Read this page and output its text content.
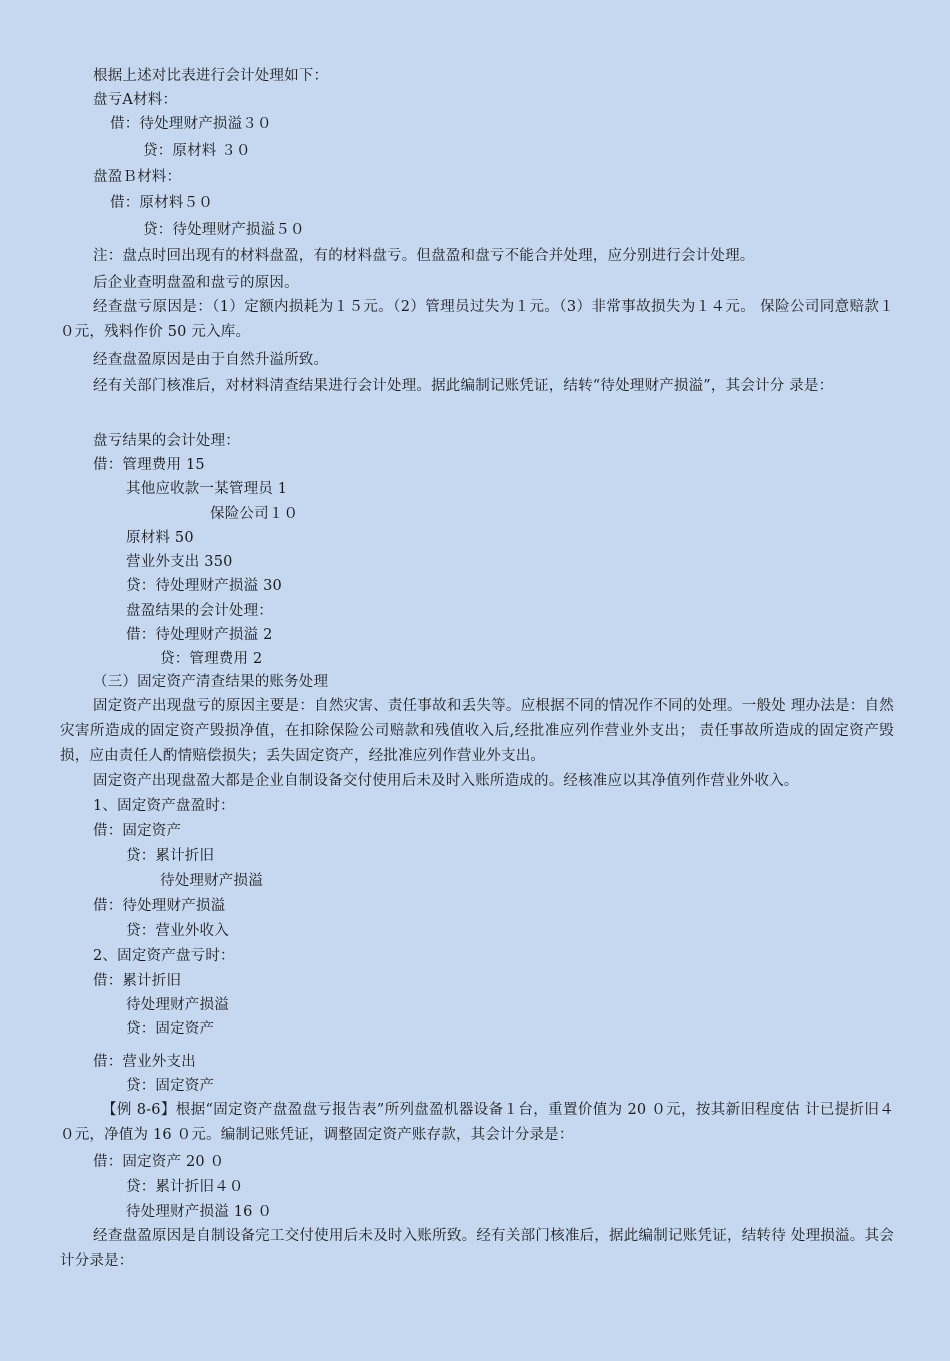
根据上述对比表进行会计处理如下：
盘亏A材料：
借：待处理财产损溢３０
贷：原材料 ３０
盘盈Ｂ材料：
借：原材料５０
贷：待处理财产损溢５０
注：盘点时回出现有的材料盘盈，有的材料盘亏。但盘盈和盘亏不能合并处理，应分别进行会计处理。
后企业查明盘盈和盘亏的原因。
经查盘亏原因是：（1）定额内损耗为１５元。（2）管理员过失为１元。（3）非常事故损失为１４元。 保险公司同意赔款１０元，残料作价 50 元入库。
经查盘盈原因是由于自然升溢所致。
经有关部门核准后，对材料清查结果进行会计处理。据此编制记账凭证，结转“待处理财产损溢”，其会计分 录是：
盘亏结果的会计处理：
借：管理费用 15
其他应收款一某管理员 1
保险公司１０
原材料 50
营业外支出 350
贷：待处理财产损溢 30
盘盈结果的会计处理：
借：待处理财产损溢 2
贷：管理费用 2
（三）固定资产清查结果的账务处理
固定资产出现盘亏的原因主要是：自然灾害、责任事故和丢失等。应根据不同的情况作不同的处理。一般处 理办法是：自然灾害所造成的固定资产毁损净值，在扣除保险公司赔款和残值收入后,经批准应列作营业外支出； 责任事故所造成的固定资产毁损，应由责任人酌情赔偿损失；丢失固定资产，经批准应列作营业外支出。
固定资产出现盘盈大都是企业自制设备交付使用后未及时入账所造成的。经核准应以其净值列作营业外收入。
1、固定资产盘盈时：
借：固定资产
贷：累计折旧
待处理财产损溢
借：待处理财产损溢
贷：营业外收入
2、固定资产盘亏时：
借：累计折旧
待处理财产损溢
贷：固定资产
借：营业外支出
贷：固定资产
【例 8-6】根据“固定资产盘盈盘亏报告表”所列盘盈机器设备１台，重置价值为 20 ０元，按其新旧程度估 计已提折旧４０元，净值为 16 ０元。编制记账凭证，调整固定资产账存款，其会计分录是：
借：固定资产 20 ０
贷：累计折旧４０
待处理财产损溢 16 ０
经查盘盈原因是自制设备完工交付使用后未及时入账所致。经有关部门核准后，据此编制记账凭证，结转待 处理损溢。其会计分录是：
